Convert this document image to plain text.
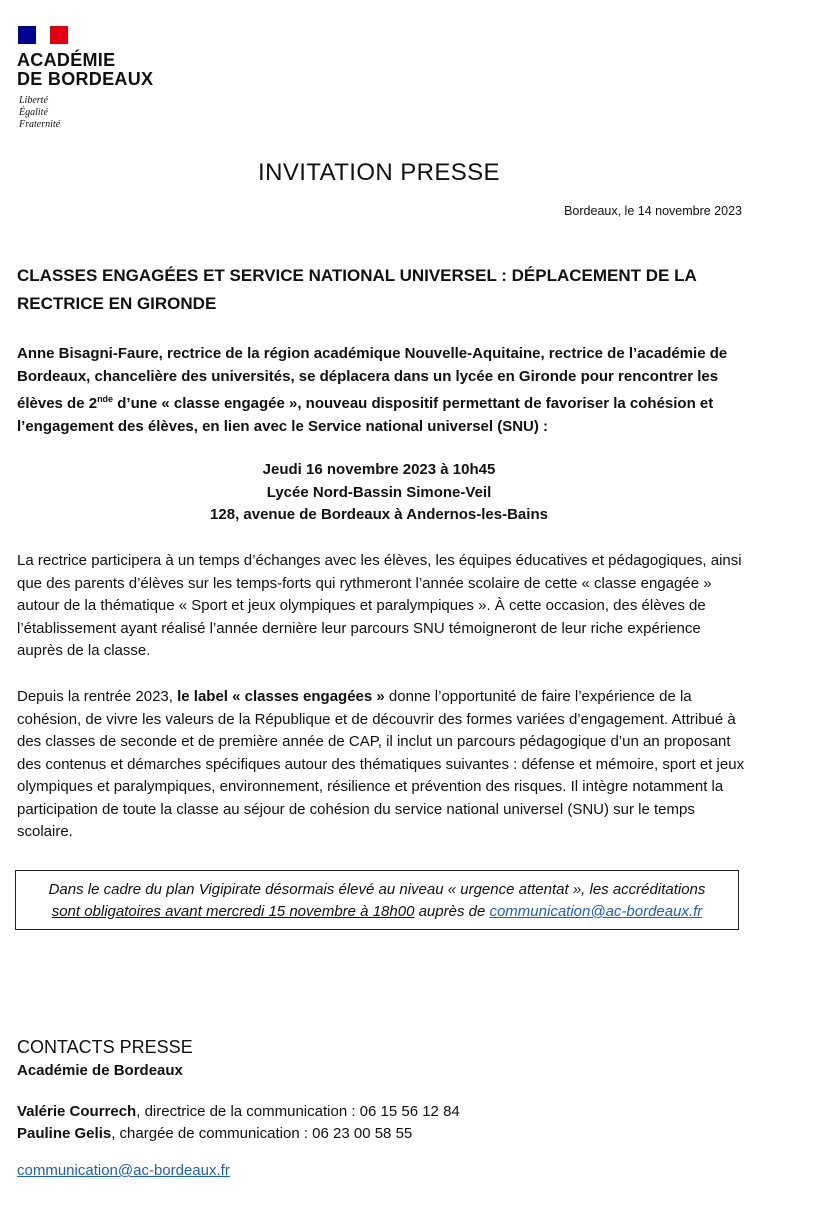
ACADÉMIE
DE BORDEAUX
Liberté
Égalité
Fraternité
INVITATION PRESSE
Bordeaux, le 14 novembre 2023
CLASSES ENGAGÉES ET SERVICE NATIONAL UNIVERSEL : DÉPLACEMENT DE LA RECTRICE EN GIRONDE
Anne Bisagni-Faure, rectrice de la région académique Nouvelle-Aquitaine, rectrice de l’académie de Bordeaux, chancelière des universités, se déplacera dans un lycée en Gironde pour rencontrer les élèves de 2nde d’une « classe engagée », nouveau dispositif permettant de favoriser la cohésion et l’engagement des élèves, en lien avec le Service national universel (SNU) :
Jeudi 16 novembre 2023 à 10h45
Lycée Nord-Bassin Simone-Veil
128, avenue de Bordeaux à Andernos-les-Bains
La rectrice participera à un temps d’échanges avec les élèves, les équipes éducatives et pédagogiques, ainsi que des parents d’élèves sur les temps-forts qui rythmeront l’année scolaire de cette « classe engagée » autour de la thématique « Sport et jeux olympiques et paralympiques ». À cette occasion, des élèves de l’établissement ayant réalisé l’année dernière leur parcours SNU témoigneront de leur riche expérience auprès de la classe.
Depuis la rentrée 2023, le label « classes engagées » donne l’opportunité de faire l’expérience de la cohésion, de vivre les valeurs de la République et de découvrir des formes variées d’engagement. Attribué à des classes de seconde et de première année de CAP, il inclut un parcours pédagogique d’un an proposant des contenus et démarches spécifiques autour des thématiques suivantes : défense et mémoire, sport et jeux olympiques et paralympiques, environnement, résilience et prévention des risques. Il intègre notamment la participation de toute la classe au séjour de cohésion du service national universel (SNU) sur le temps scolaire.
Dans le cadre du plan Vigipirate désormais élevé au niveau « urgence attentat », les accréditations
sont obligatoires avant mercredi 15 novembre à 18h00 auprès de communication@ac-bordeaux.fr
CONTACTS PRESSE
Académie de Bordeaux
Valérie Courrech, directrice de la communication : 06 15 56 12 84
Pauline Gelis, chargée de communication : 06 23 00 58 55
communication@ac-bordeaux.fr
